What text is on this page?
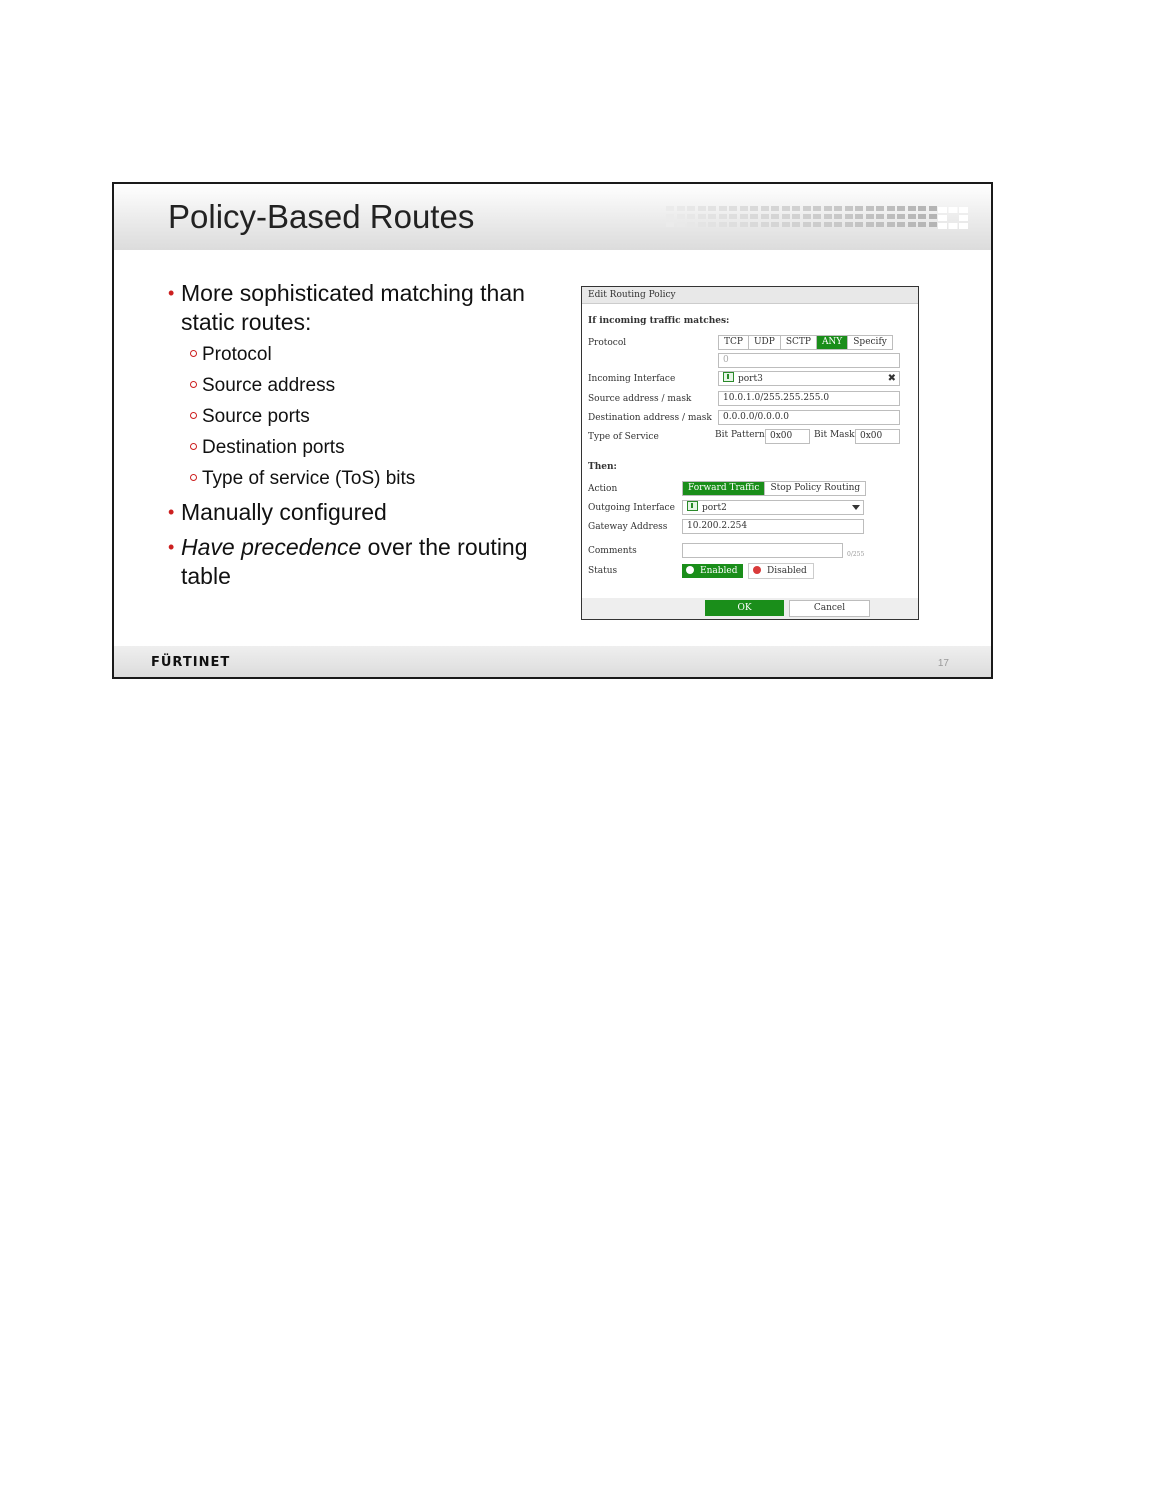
Policy-Based Routes
• More sophisticated matching than static routes:
Protocol
Source address
Source ports
Destination ports
Type of service (ToS) bits
• Manually configured
• Have precedence over the routing table
Edit Routing Policy
If incoming traffic matches:
Protocol	TCP	UDP	SCTP	ANY	Specify
0
Incoming Interface	port3	✖
Source address / mask	10.0.1.0/255.255.255.0
Destination address / mask	0.0.0.0/0.0.0.0
Type of Service	Bit Pattern 0x00	Bit Mask 0x00
Then:
Action	Forward Traffic	Stop Policy Routing
Outgoing Interface	port2
Gateway Address	10.200.2.254
Comments	0/255
Status	Enabled	Disabled
OK	Cancel
FÜRTINET	17
